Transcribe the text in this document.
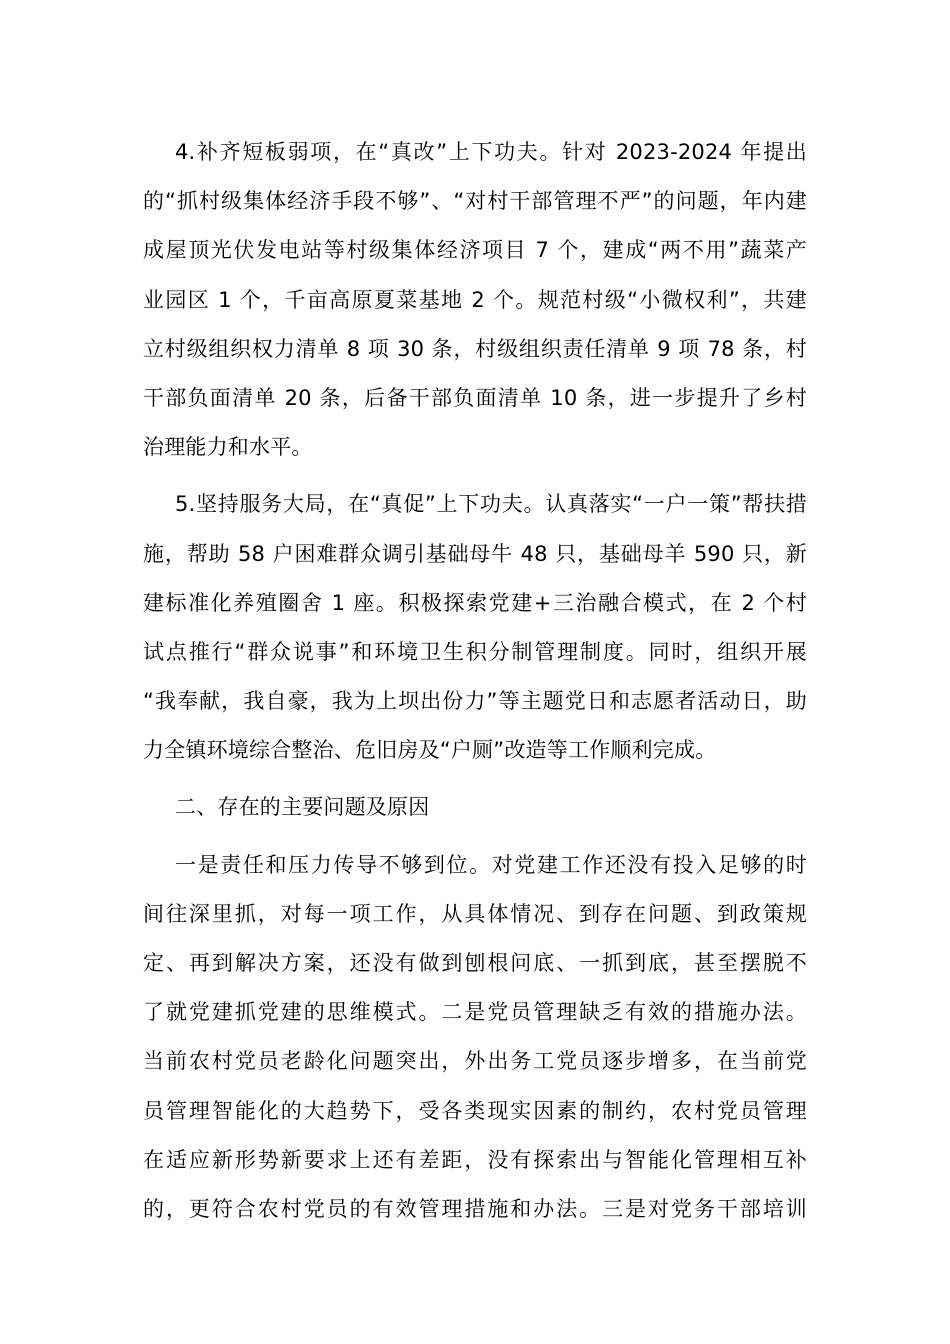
4.补齐短板弱项，在“真改”上下功夫。针对 2023-2024 年提出
的“抓村级集体经济手段不够”、“对村干部管理不严”的问题，年内建
成屋顶光伏发电站等村级集体经济项目 7 个，建成“两不用”蔬菜产
业园区 1 个，千亩高原夏菜基地 2 个。规范村级“小微权利”，共建
立村级组织权力清单 8 项 30 条，村级组织责任清单 9 项 78 条，村
干部负面清单 20 条，后备干部负面清单 10 条，进一步提升了乡村
治理能力和水平。
5.坚持服务大局，在“真促”上下功夫。认真落实“一户一策”帮扶措
施，帮助 58 户困难群众调引基础母牛 48 只，基础母羊 590 只，新
建标准化养殖圈舍 1 座。积极探索党建+三治融合模式，在 2 个村
试点推行“群众说事”和环境卫生积分制管理制度。同时，组织开展
“我奉献，我自豪，我为上坝出份力”等主题党日和志愿者活动日，助
力全镇环境综合整治、危旧房及“户厕”改造等工作顺利完成。
二、存在的主要问题及原因
一是责任和压力传导不够到位。对党建工作还没有投入足够的时
间往深里抓，对每一项工作，从具体情况、到存在问题、到政策规
定、再到解决方案，还没有做到刨根问底、一抓到底，甚至摆脱不
了就党建抓党建的思维模式。二是党员管理缺乏有效的措施办法。
当前农村党员老龄化问题突出，外出务工党员逐步增多，在当前党
员管理智能化的大趋势下，受各类现实因素的制约，农村党员管理
在适应新形势新要求上还有差距，没有探索出与智能化管理相互补
的，更符合农村党员的有效管理措施和办法。三是对党务干部培训
